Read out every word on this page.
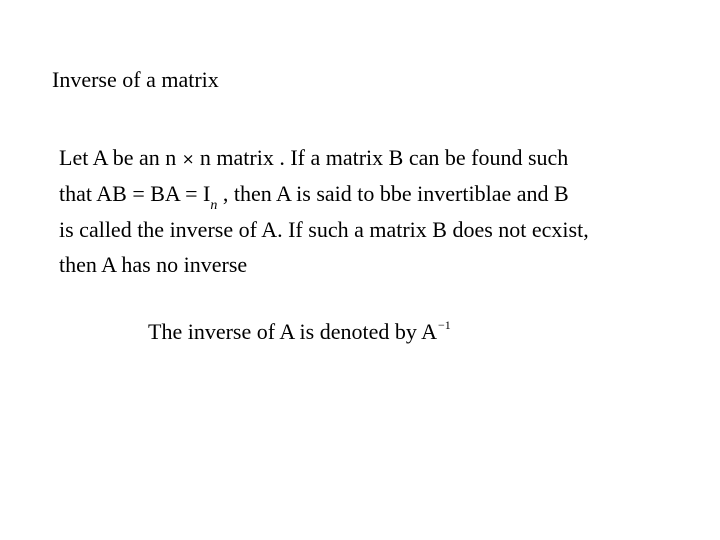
Inverse of a matrix
Let A be an n × n matrix . If a matrix B can be found such
that AB = BA = $I_n$ , then A is said to bbe invertiblae and B
is called the inverse of A. If such a matrix B does not ecxist,
then A has no inverse
The inverse of A is denoted by $A^{-1}$
